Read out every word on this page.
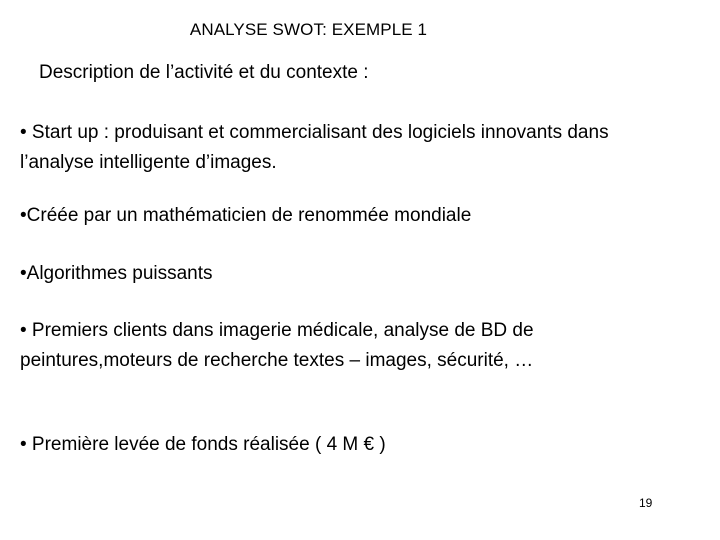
ANALYSE SWOT: EXEMPLE 1
Description de l’activité et du contexte :

• Start up : produisant et commercialisant des logiciels innovants dans l’analyse intelligente d’images.

•Créée par un mathématicien de renommée mondiale

•Algorithmes puissants

• Premiers clients dans imagerie médicale, analyse de BD de peintures,moteurs de recherche textes – images, sécurité, …

• Première levée de fonds réalisée ( 4 M € )

19
